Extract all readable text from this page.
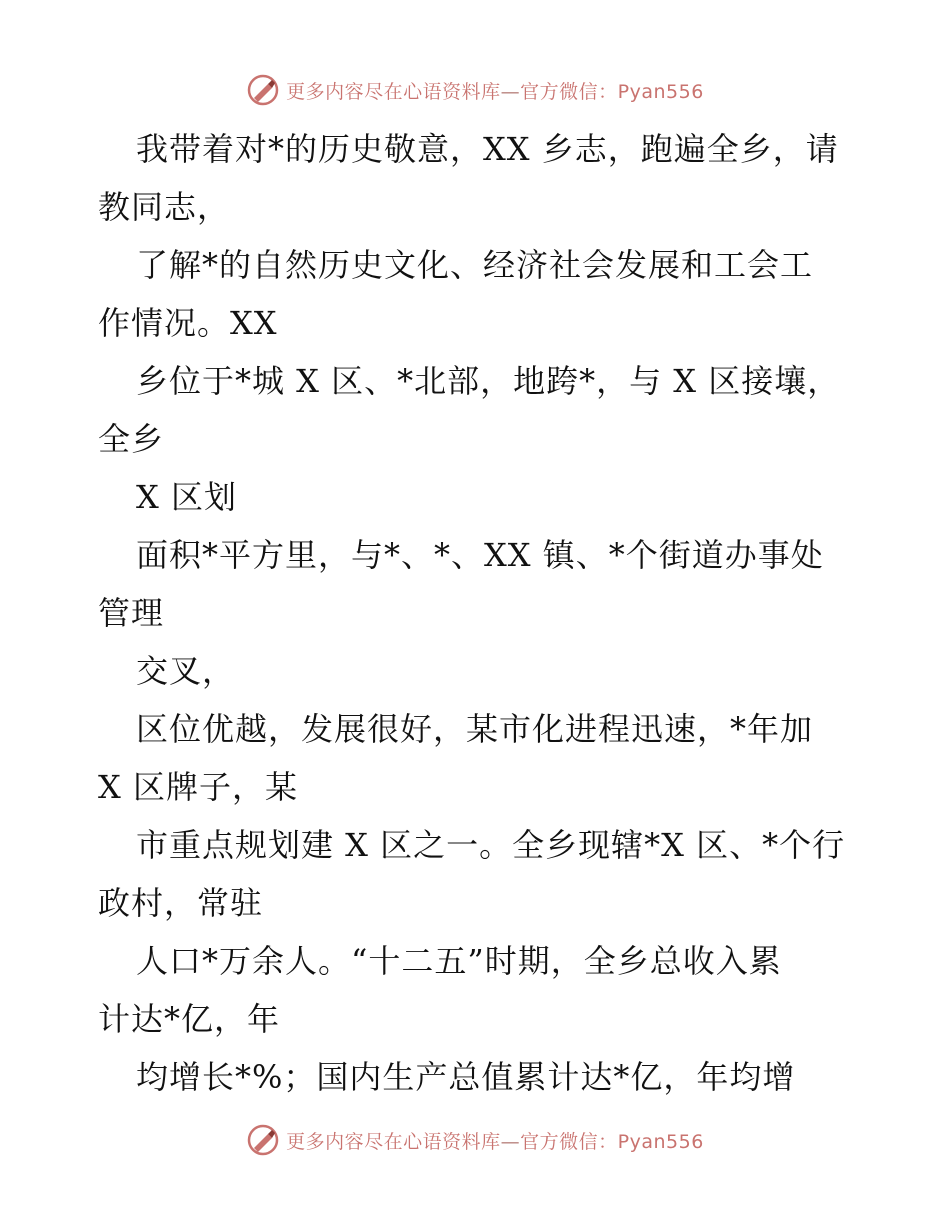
更多内容尽在心语资料库—官方微信：Pyan556
我带着对*的历史敬意，XX 乡志，跑遍全乡，请
教同志，
了解*的自然历史文化、经济社会发展和工会工
作情况。XX
乡位于*城 X 区、*北部，地跨*，与 X 区接壤，
全乡
X 区划
面积*平方里，与*、*、XX 镇、*个街道办事处
管理
交叉，
区位优越，发展很好，某市化进程迅速，*年加
X 区牌子，某
市重点规划建 X 区之一。全乡现辖*X 区、*个行
政村，常驻
人口*万余人。“十二五”时期，全乡总收入累
计达*亿，年
均增长*%；国内生产总值累计达*亿，年均增
更多内容尽在心语资料库—官方微信：Pyan556
